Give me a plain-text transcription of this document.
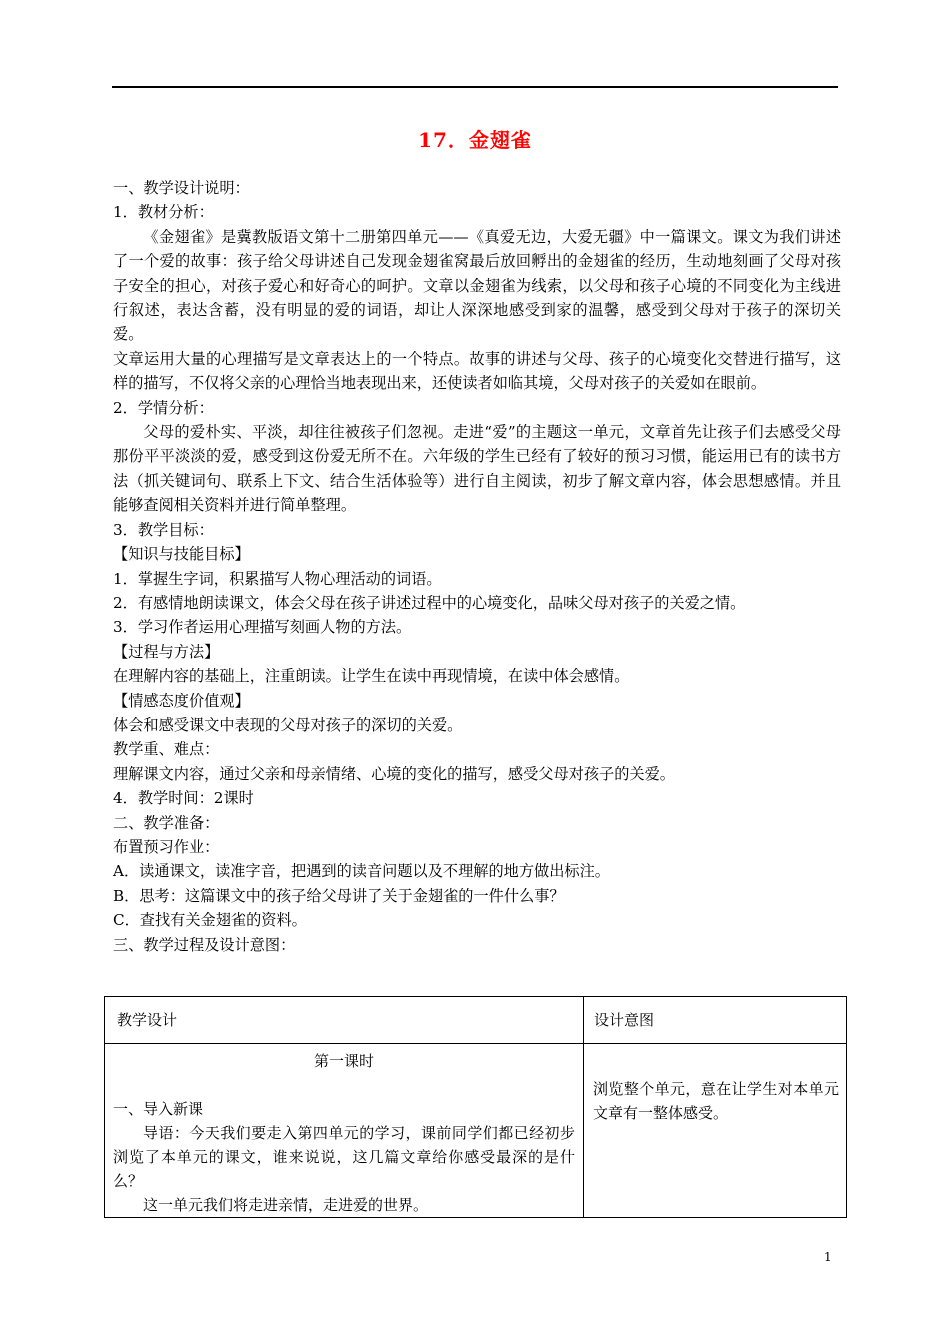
17．金翅雀

一、教学设计说明：

1．教材分析：

《金翅雀》是冀教版语文第十二册第四单元——《真爱无边，大爱无疆》中一篇课文。课文为我们讲述了一个爱的故事：孩子给父母讲述自己发现金翅雀窝最后放回孵出的金翅雀的经历，生动地刻画了父母对孩子安全的担心，对孩子爱心和好奇心的呵护。文章以金翅雀为线索，以父母和孩子心境的不同变化为主线进行叙述，表达含蓄，没有明显的爱的词语，却让人深深地感受到家的温馨，感受到父母对于孩子的深切关爱。

文章运用大量的心理描写是文章表达上的一个特点。故事的讲述与父母、孩子的心境变化交替进行描写，这样的描写，不仅将父亲的心理恰当地表现出来，还使读者如临其境，父母对孩子的关爱如在眼前。

2．学情分析：

父母的爱朴实、平淡，却往往被孩子们忽视。走进“爱”的主题这一单元，文章首先让孩子们去感受父母那份平平淡淡的爱，感受到这份爱无所不在。六年级的学生已经有了较好的预习习惯，能运用已有的读书方法（抓关键词句、联系上下文、结合生活体验等）进行自主阅读，初步了解文章内容，体会思想感情。并且能够查阅相关资料并进行简单整理。

3．教学目标：

【知识与技能目标】

1．掌握生字词，积累描写人物心理活动的词语。

2．有感情地朗读课文，体会父母在孩子讲述过程中的心境变化，品味父母对孩子的关爱之情。

3．学习作者运用心理描写刻画人物的方法。

【过程与方法】

在理解内容的基础上，注重朗读。让学生在读中再现情境，在读中体会感情。

【情感态度价值观】

体会和感受课文中表现的父母对孩子的深切的关爱。

教学重、难点：

理解课文内容，通过父亲和母亲情绪、心境的变化的描写，感受父母对孩子的关爱。

4．教学时间：2课时

二、教学准备：

布置预习作业：

A．读通课文，读准字音，把遇到的读音问题以及不理解的地方做出标注。

B．思考：这篇课文中的孩子给父母讲了关于金翅雀的一件什么事？

C．查找有关金翅雀的资料。

三、教学过程及设计意图：

教学设计	设计意图

第一课时

一、导入新课

导语：今天我们要走入第四单元的学习，课前同学们都已经初步浏览了本单元的课文，谁来说说，这几篇文章给你感受最深的是什么？

这一单元我们将走进亲情，走进爱的世界。

浏览整个单元，意在让学生对本单元文章有一整体感受。
1
